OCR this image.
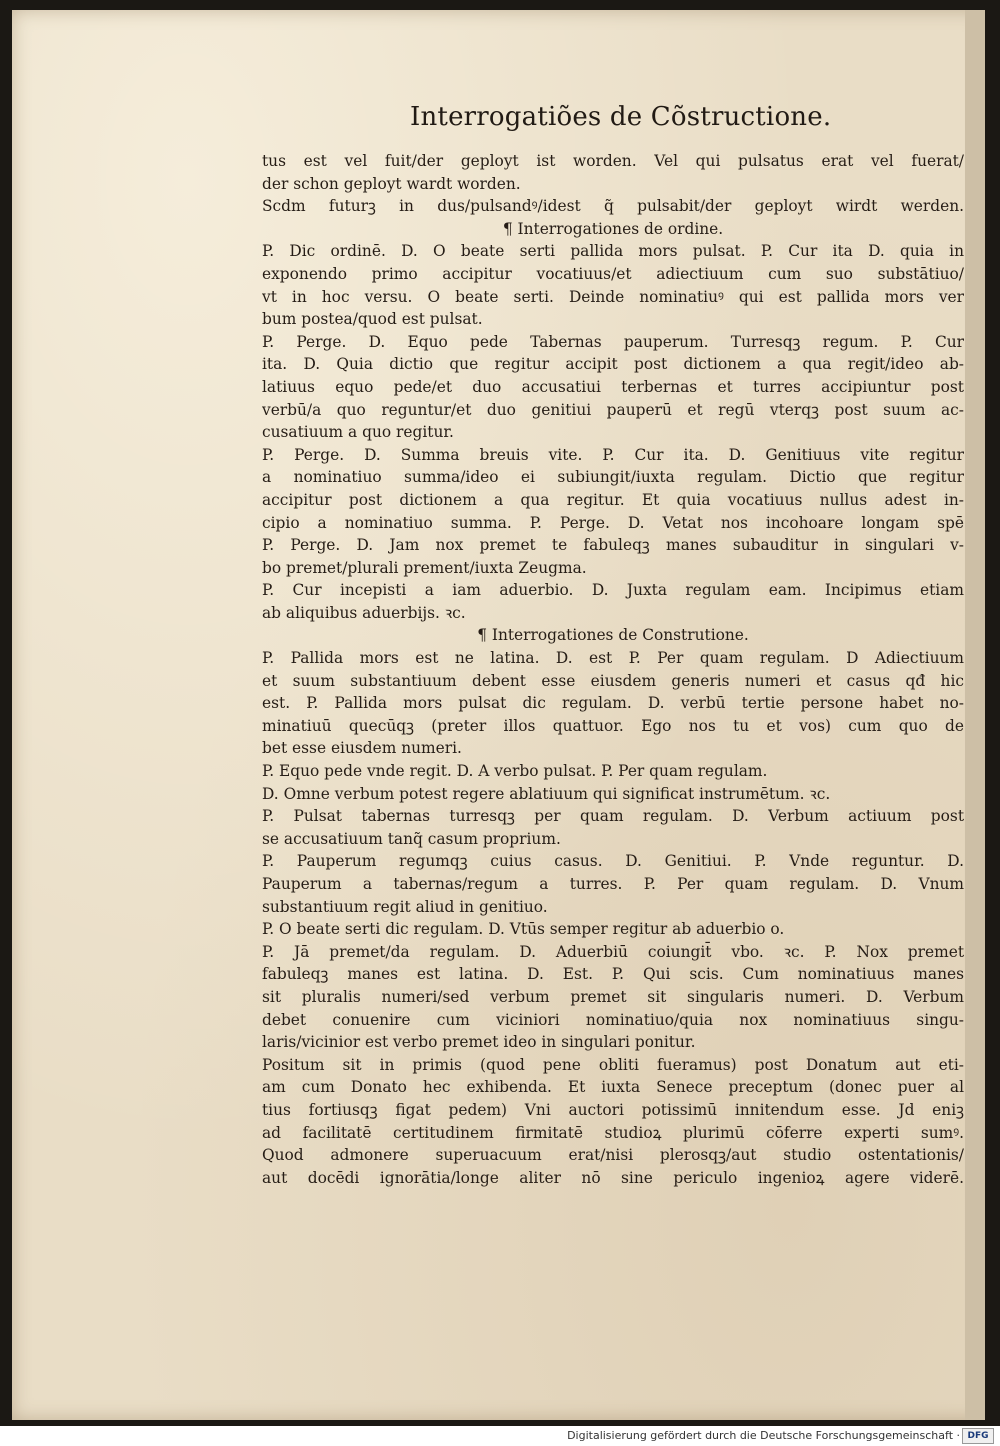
Interrogatiões de Cõstructione.
tus est vel fuit/der geployt ist worden. Vel qui pulsatus erat vel fuerat/
der schon geployt wardt worden.
Scdm futurꝫ in dus/pulsandꝰ/idest q̃ pulsabit/der geployt wirdt werden.
¶ Interrogationes de ordine.
P. Dic ordinē. D. O beate serti pallida mors pulsat. P. Cur ita D. quia in
exponendo primo accipitur vocatiuus/et adiectiuum cum suo substātiuo/
vt in hoc versu. O beate serti. Deinde nominatiuꝰ qui est pallida mors ver
bum postea/quod est pulsat.
P. Perge. D. Equo pede Tabernas pauperum. Turresqꝫ regum. P. Cur
ita. D. Quia dictio que regitur accipit post dictionem a qua regit/ideo ab-
latiuus equo pede/et duo accusatiui terbernas et turres accipiuntur post
verbū/a quo reguntur/et duo genitiui pauperū et regū vterqꝫ post suum ac-
cusatiuum a quo regitur.
P. Perge. D. Summa breuis vite. P. Cur ita. D. Genitiuus vite regitur
a nominatiuo summa/ideo ei subiungit/iuxta regulam. Dictio que regitur
accipitur post dictionem a qua regitur. Et quia vocatiuus nullus adest in-
cipio a nominatiuo summa. P. Perge. D. Vetat nos incohoare longam spē
P. Perge. D. Jam nox premet te fabuleqꝫ manes subauditur in singulari v-
bo premet/plurali prement/iuxta Zeugma.
P. Cur incepisti a iam aduerbio. D. Juxta regulam eam. Incipimus etiam
ab aliquibus aduerbijs. ꝛc.
¶ Interrogationes de Construtione.
P. Pallida mors est ne latina. D. est P. Per quam regulam. D Adiectiuum
et suum substantiuum debent esse eiusdem generis numeri et casus qđ hic
est. P. Pallida mors pulsat dic regulam. D. verbū tertie persone habet no-
minatiuū quecūqꝫ (preter illos quattuor. Ego nos tu et vos) cum quo de
bet esse eiusdem numeri.
P. Equo pede vnde regit. D. A verbo pulsat. P. Per quam regulam.
D. Omne verbum potest regere ablatiuum qui significat instrumētum. ꝛc.
P. Pulsat tabernas turresqꝫ per quam regulam. D. Verbum actiuum post
se accusatiuum tanq̃ casum proprium.
P. Pauperum regumqꝫ cuius casus. D. Genitiui. P. Vnde reguntur. D.
Pauperum a tabernas/regum a turres. P. Per quam regulam. D. Vnum
substantiuum regit aliud in genitiuo.
P. O beate serti dic regulam. D. Vtūs semper regitur ab aduerbio o.
P. Jā premet/da regulam. D. Aduerbiū coiungit̄ vbo. ꝛc. P. Nox premet
fabuleqꝫ manes est latina. D. Est. P. Qui scis. Cum nominatiuus manes
sit pluralis numeri/sed verbum premet sit singularis numeri. D. Verbum
debet conuenire cum viciniori nominatiuo/quia nox nominatiuus singu-
laris/vicinior est verbo premet ideo in singulari ponitur.
Positum sit in primis (quod pene obliti fueramus) post Donatum aut eti-
am cum Donato hec exhibenda. Et iuxta Senece preceptum (donec puer al
tius fortiusqꝫ figat pedem) Vni auctori potissimū innitendum esse. Jd eniꝫ
ad facilitatē certitudinem firmitatē studioꝝ plurimū cōferre experti sumꝰ.
Quod admonere superuacuum erat/nisi plerosqꝫ/aut studio ostentationis/
aut docēdi ignorātia/longe aliter nō sine periculo ingenioꝝ agere viderē.
Digitalisierung gefördert durch die Deutsche Forschungsgemeinschaft · DFG
